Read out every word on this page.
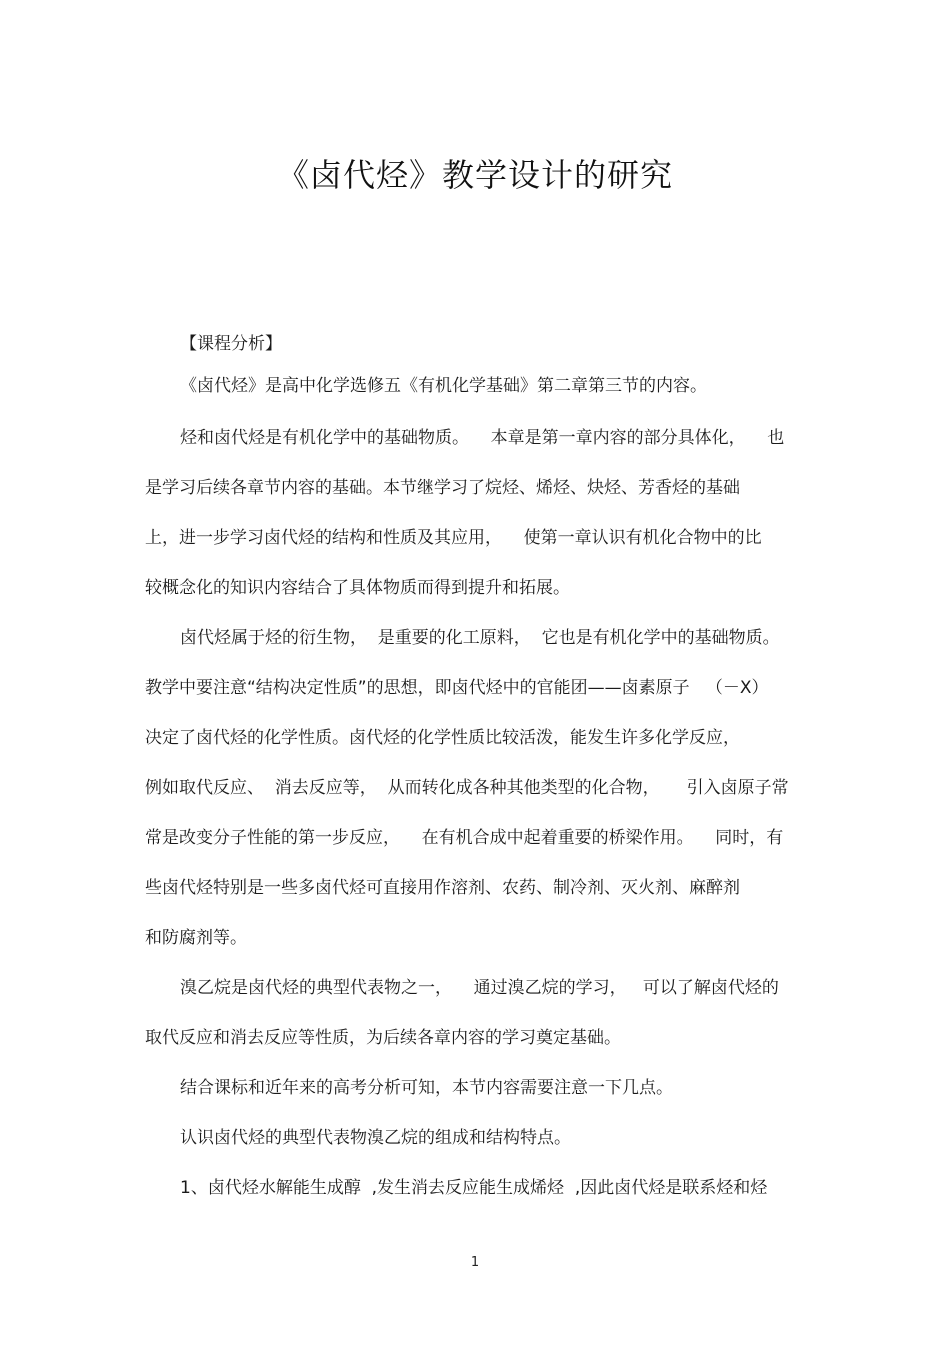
《卤代烃》教学设计的研究
【课程分析】
《卤代烃》是高中化学选修五《有机化学基础》第二章第三节的内容。
烃和卤代烃是有机化学中的基础物质。    本章是第一章内容的部分具体化，    也
是学习后续各章节内容的基础。本节继学习了烷烃、烯烃、炔烃、芳香烃的基础
上，进一步学习卤代烃的结构和性质及其应用，    使第一章认识有机化合物中的比
较概念化的知识内容结合了具体物质而得到提升和拓展。
卤代烃属于烃的衍生物，  是重要的化工原料，  它也是有机化学中的基础物质。
教学中要注意“结构决定性质”的思想，即卤代烃中的官能团——卤素原子   （－X）
决定了卤代烃的化学性质。卤代烃的化学性质比较活泼，能发生许多化学反应，
例如取代反应、  消去反应等，  从而转化成各种其他类型的化合物，     引入卤原子常
常是改变分子性能的第一步反应，    在有机合成中起着重要的桥梁作用。    同时，有
些卤代烃特别是一些多卤代烃可直接用作溶剂、农药、制冷剂、灭火剂、麻醉剂
和防腐剂等。
溴乙烷是卤代烃的典型代表物之一，    通过溴乙烷的学习，   可以了解卤代烃的
取代反应和消去反应等性质，为后续各章内容的学习奠定基础。
结合课标和近年来的高考分析可知，本节内容需要注意一下几点。
认识卤代烃的典型代表物溴乙烷的组成和结构特点。
1、卤代烃水解能生成醇  ,发生消去反应能生成烯烃  ,因此卤代烃是联系烃和烃
1
